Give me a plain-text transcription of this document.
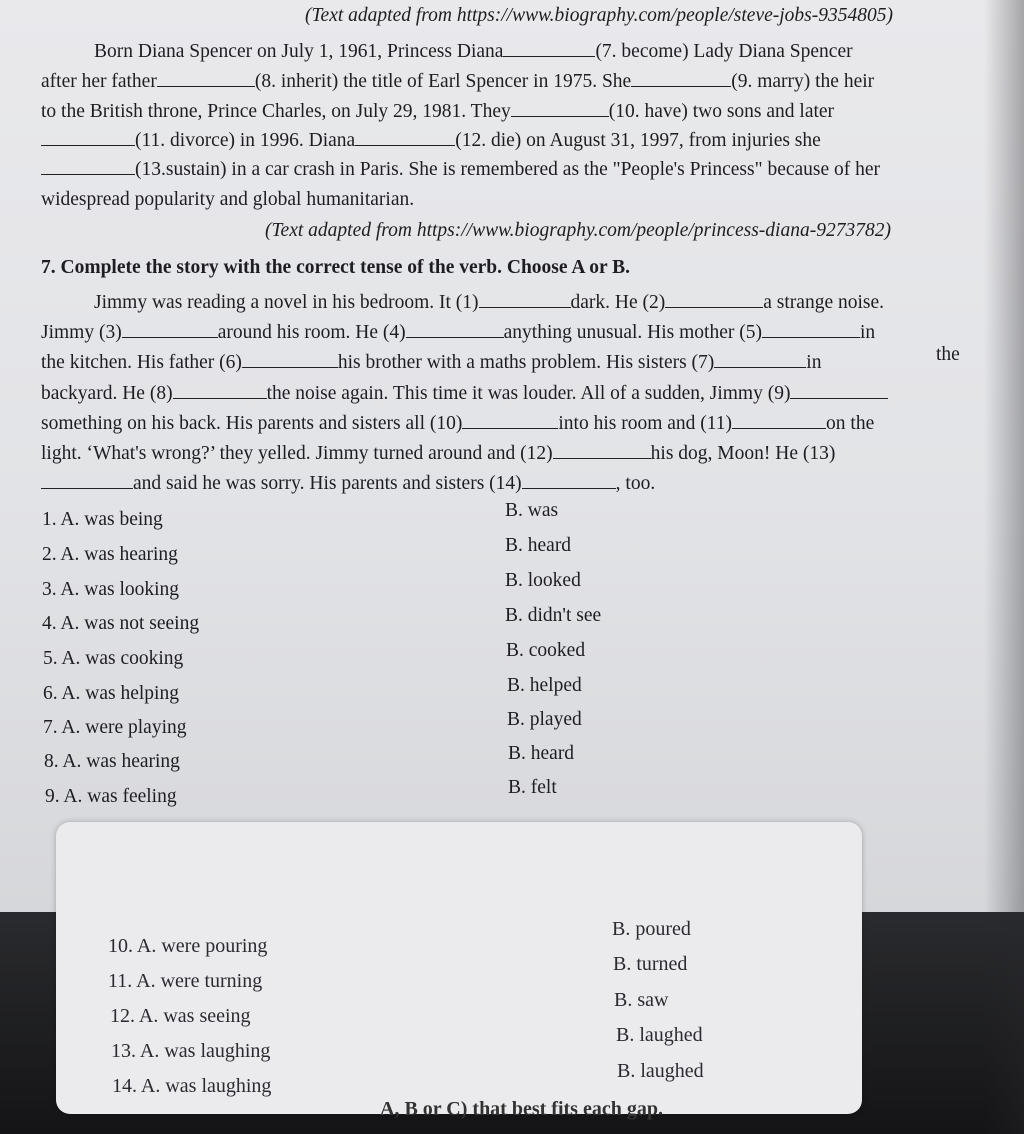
(Text adapted from https://www.biography.com/people/steve-jobs-9354805)
Born Diana Spencer on July 1, 1961, Princess Diana	(7. become) Lady Diana Spencer
after her father	(8. inherit) the title of Earl Spencer in 1975. She	(9. marry) the heir
to the British throne, Prince Charles, on July 29, 1981. They	(10. have) two sons and later
(11. divorce) in 1996. Diana	(12. die) on August 31, 1997, from injuries she
(13.sustain) in a car crash in Paris. She is remembered as the "People's Princess" because of her
widespread popularity and global humanitarian.
(Text adapted from https://www.biography.com/people/princess-diana-9273782)
7. Complete the story with the correct tense of the verb. Choose A or B.
Jimmy was reading a novel in his bedroom. It (1)	dark. He (2)	a strange noise.
Jimmy (3)	around his room. He (4)	anything unusual. His mother (5)	in
the kitchen. His father (6)	his brother with a maths problem. His sisters (7)	in	the
backyard. He (8)	the noise again. This time it was louder. All of a sudden, Jimmy (9)
something on his back. His parents and sisters all (10)	into his room and (11)	on the
light. ‘What's wrong?’ they yelled. Jimmy turned around and (12)	his dog, Moon! He (13)
and said he was sorry. His parents and sisters (14)	, too.
1. A. was being	B. was
2. A. was hearing	B. heard
3. A. was looking	B. looked
4. A. was not seeing	B. didn't see
5. A. was cooking	B. cooked
6. A. was helping	B. helped
7. A. were playing	B. played
8. A. was hearing	B. heard
9. A. was feeling	B. felt
10. A. were pouring
B. poured
11. A. were turning
B. turned
12. A. was seeing
B. saw
13. A. was laughing
B. laughed
14. A. was laughing
B. laughed
A, B or C) that best fits each gap.
